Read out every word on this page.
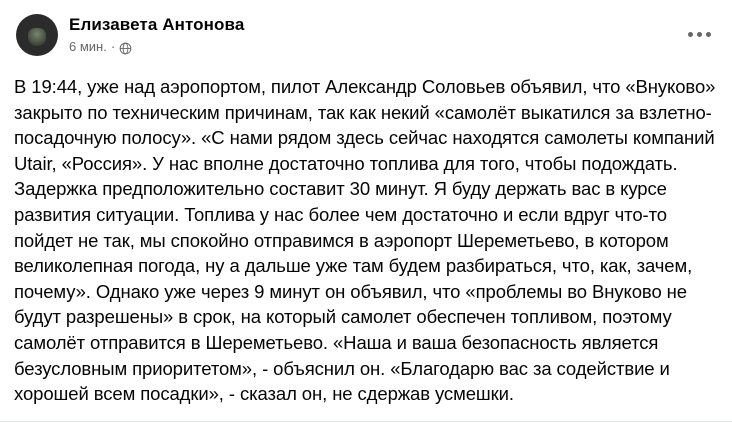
Елизавета Антонова
6 мин. ·
В 19:44, уже над аэропортом, пилот Александр Соловьев объявил, что «Внуково» закрыто по техническим причинам, так как некий «самолёт выкатился за взлетно-посадочную полосу». «С нами рядом здесь сейчас находятся самолеты компаний Utair, «Россия». У нас вполне достаточно топлива для того, чтобы подождать. Задержка предположительно составит 30 минут. Я буду держать вас в курсе развития ситуации. Топлива у нас более чем достаточно и если вдруг что-то пойдет не так, мы спокойно отправимся в аэропорт Шереметьево, в котором великолепная погода, ну а дальше уже там будем разбираться, что, как, зачем, почему». Однако уже через 9 минут он объявил, что «проблемы во Внуково не будут разрешены» в срок, на который самолет обеспечен топливом, поэтому самолёт отправится в Шереметьево. «Наша и ваша безопасность является безусловным приоритетом», - объяснил он. «Благодарю вас за содействие и хорошей всем посадки», - сказал он, не сдержав усмешки.
